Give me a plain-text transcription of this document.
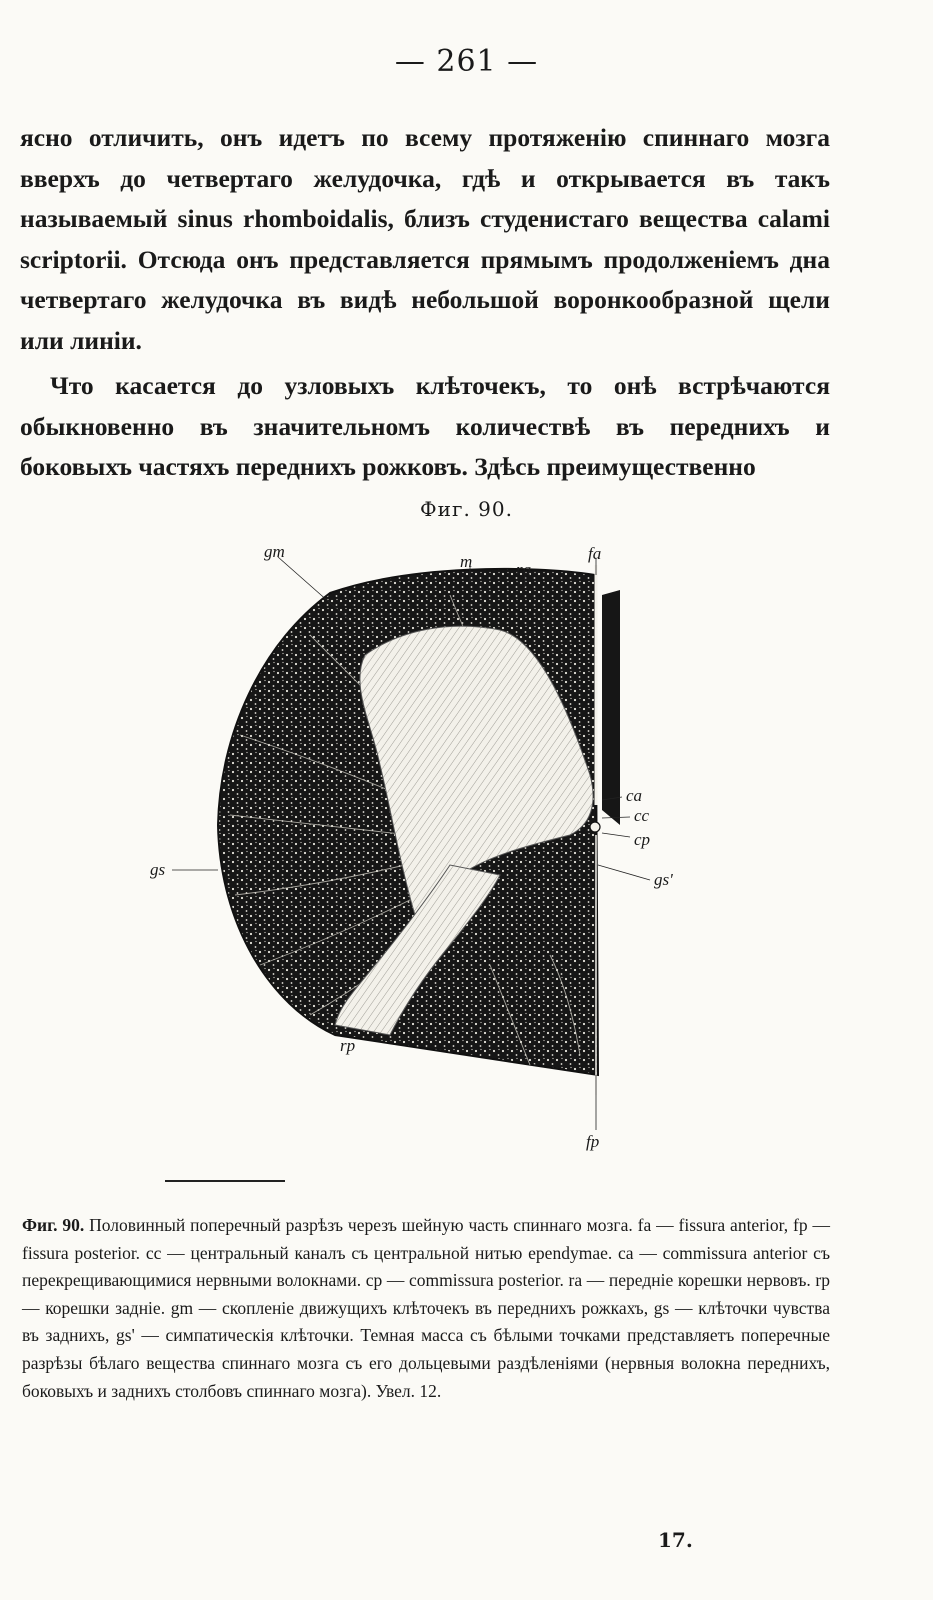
— 261 —

ясно отличить, онъ идетъ по всему протяженiю спиннаго мозга вверхъ до четвертаго желудочка, гдѣ и открывается въ такъ называемый sinus rhomboidalis, близъ студенистаго вещества calami scriptorii. Отсюда онъ представляется прямымъ продолженiемъ дна четвертаго желудочка въ видѣ небольшой воронкообразной щели или линiи.

Что касается до узловыхъ клѣточекъ, то онѣ встрѣчаются обыкновенно въ значительномъ количествѣ въ переднихъ и боковыхъ частяхъ переднихъ рожковъ. Здѣсь преимущественно

Фиг. 90.
gm
m	ra
fa
ca
cc
cp
gs
gs'
rp
fp
Фиг. 90. Половинный поперечный разрѣзъ черезъ шейную часть спиннаго мозга. fa — fissura anterior, fp — fissura posterior. cc — центральный каналъ съ центральной нитью ependymae. ca — commissura anterior съ перекрещивающимися нервными волокнами. cp — commissura posterior. ra — переднiе корешки нервовъ. rp — корешки заднiе. gm — скопленiе движущихъ клѣточекъ въ переднихъ рожкахъ, gs — клѣточки чувства въ заднихъ, gs' — симпатическiя клѣточки. Темная масса съ бѣлыми точками представляетъ поперечные разрѣзы бѣлаго вещества спиннаго мозга съ его дольцевыми раздѣленiями (нервныя волокна переднихъ, боковыхъ и заднихъ столбовъ спиннаго мозга). Увел. 12.
17.
